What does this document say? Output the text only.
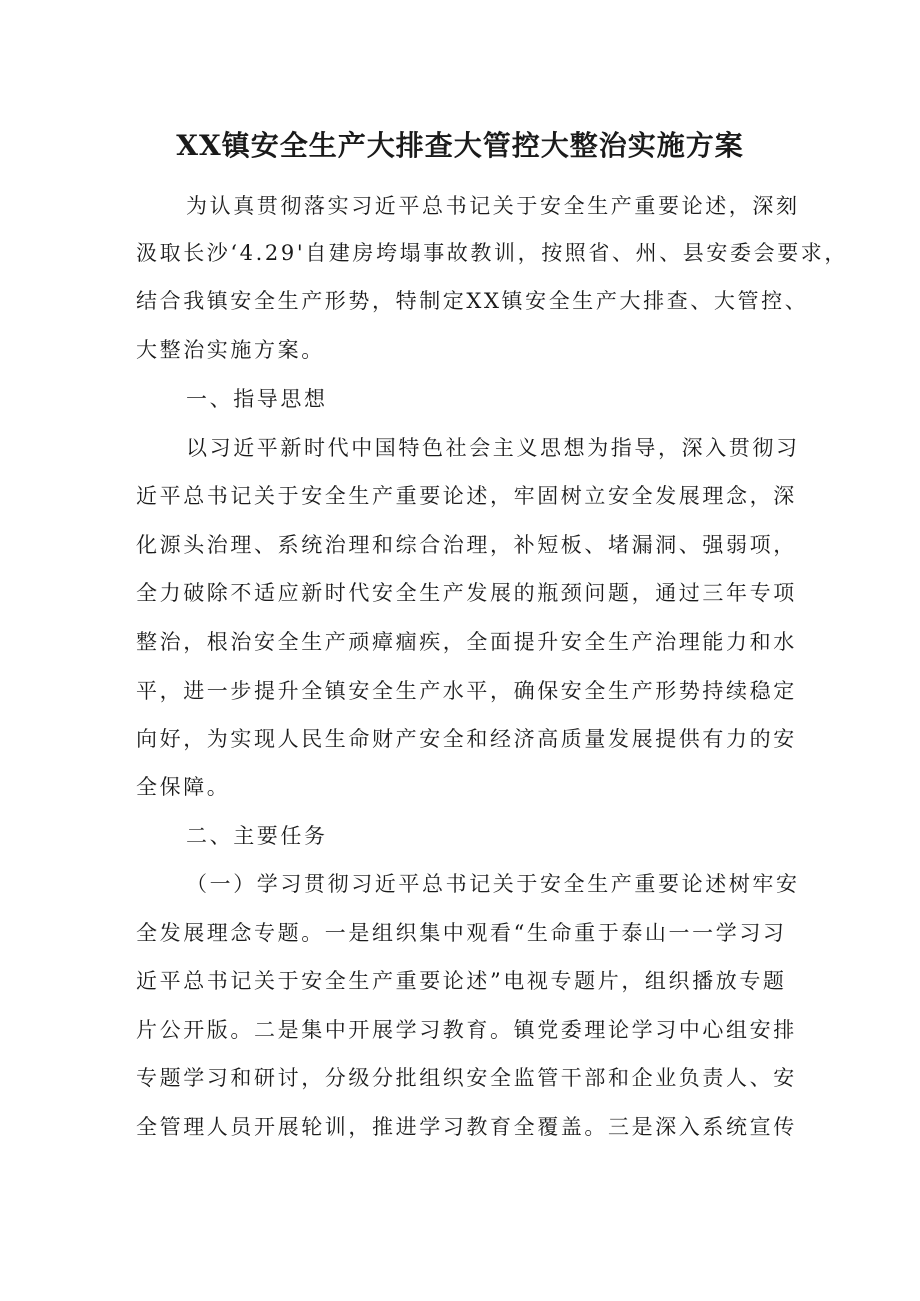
XX镇安全生产大排查大管控大整治实施方案
为认真贯彻落实习近平总书记关于安全生产重要论述，深刻
汲取长沙‘4.29'自建房垮塌事故教训，按照省、州、县安委会要求，
结合我镇安全生产形势，特制定XX镇安全生产大排查、大管控、
大整治实施方案。
一、指导思想
以习近平新时代中国特色社会主义思想为指导，深入贯彻习
近平总书记关于安全生产重要论述，牢固树立安全发展理念，深
化源头治理、系统治理和综合治理，补短板、堵漏洞、强弱项，
全力破除不适应新时代安全生产发展的瓶颈问题，通过三年专项
整治，根治安全生产顽瘴痼疾，全面提升安全生产治理能力和水
平，进一步提升全镇安全生产水平，确保安全生产形势持续稳定
向好，为实现人民生命财产安全和经济高质量发展提供有力的安
全保障。
二、主要任务
（一）学习贯彻习近平总书记关于安全生产重要论述树牢安
全发展理念专题。一是组织集中观看“生命重于泰山一一学习习
近平总书记关于安全生产重要论述”电视专题片，组织播放专题
片公开版。二是集中开展学习教育。镇党委理论学习中心组安排
专题学习和研讨，分级分批组织安全监管干部和企业负责人、安
全管理人员开展轮训，推进学习教育全覆盖。三是深入系统宣传
